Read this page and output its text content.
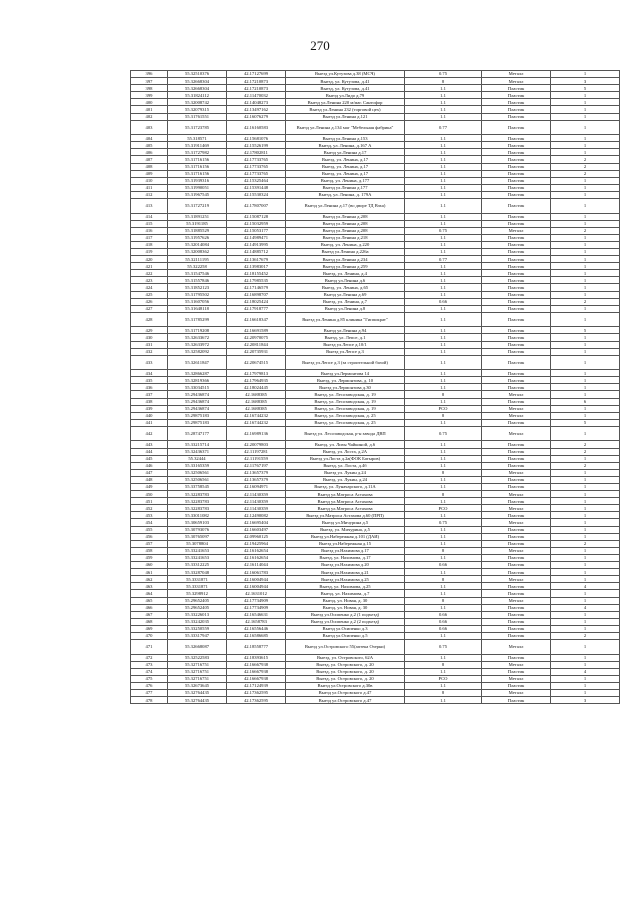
270
396	55.32510376	42.17127699	Выезд ул.Кутузова д.38 (МСЧ)	0.75	Металл	1
397	55.32668304	42.17210873	Выезд, ул. Кутузова, д.41	8	Металл	3
398	55.32668304	42.17210873	Выезд, ул. Кутузова, д.41	1.1	Пластик	5
399	55.31824112	42.11470032	Выезд ул.Лидо д.79	1.1	Пластик	1
400	55.32008742	42.14048273	Выезд ул.Ленина 220 м/маг. Сантофор	1.1	Пластик	1
401	55.32079315	42.13497162	Выезд ул.Ленина 232 (торговой цех)	1.1	Пластик	1
402	55.31761551	42.16076279	Выезд ул.Ленина д.121	1.1	Пластик	1
403	55.31723785	42.16160583	Выезд ул.Ленина д.134 маг "Мебельная фабрика"	0.77	Пластик	1
404	55.318571	42.15681076	Выезд ул.Ленина д.153	1.1	Пластик	1
405	55.31911469	42.15526199	Выезд, ул. Ленина, д.167 А	1.1	Пластик	1
406	55.31727982	42.17802811	Выезд ул.Ленина д.17	1.1	Пластик	1
407	55.31716156	42.17733765	Выезд, ул. Ленина, д.17	1.1	Пластик	2
408	55.31716156	42.17733765	Выезд, ул. Ленина, д.17	1.1	Пластик	2
409	55.31716156	42.17733765	Выезд, ул. Ленина, д.17	1.1	Пластик	2
410	55.31939316	42.15325464	Выезд, ул. Ленина, д.177	1.1	Пластик	1
411	55.31990051	42.15391448	Выезд ул.Ленина д.177	1.1	Пластик	1
412	55.31967545	42.15530324	Выезд, ул. Ленина, д. 179А	1.1	Пластик	1
413	55.31727219	42.17807007	Выезд ул.Ленина д.17 (во дворе ТД Вэха)	1.1	Пластик	1
414	55.31891251	42.15087128	Выезд ул.Ленина д.208	1.1	Пластик	1
415	55.3191185	42.15032959	Выезд ул.Ленина д.208	1.1	Пластик	1
416	55.31885529	42.15053177	Выезд ул.Ленина д.208	0.75	Металл	2
417	55.31957626	42.14989471	Выезд ул.Ленина д.218	1.1	Пластик	1
418	55.32014084	42.14913995	Выезд, ул. Ленина, д.220	1.1	Пластик	1
419	55.32008362	42.14885712	Выезд ул.Ленина д.226а	1.1	Пластик	1
420	55.32111195	42.13617679	Выезд ул.Ленина д.234	0.77	Пластик	1
421	55.322258	42.13983017	Выезд ул.Ленина д.259	1.1	Пластик	1
422	55.31547546	42.18155452	Выезд, ул. Ленина, д.4	1.1	Пластик	1
423	55.31557846	42.17985535	Выезд ул.Ленина д.6	1.1	Пластик	1
424	55.31852123	42.17146579	Выезд, ул. Ленина, д.65	1.1	Пластик	1
425	55.31795502	42.16898707	Выезд ул.Ленина д.69	1.1	Пластик	1
426	55.31607056	42.18025424	Выезд, ул. Ленина, д.7	0.66	Пластик	2
427	55.31648118	42.17918777	Выезд ул.Ленина д.8	1.1	Пластик	1
428	55.31785299	42.16618347	Выезд ул.Ленина д.85 клиника "Гиппократ"	1.1	Пластик	1
429	55.31719208	42.16691589	Выезд ул.Ленина д.94	1.1	Пластик	5
430	55.32633672	42.20970075	Выезд, ул. Лепсе, д.1	1.1	Пластик	1
431	55.32633972	42.20811844	Выезд ул.Лепсе д.10/1	1.1	Пластик	1
432	55.32582092	42.20735931	Выезд ул.Лепсе д.3	1.1	Пластик	1
433	55.32611847	42.20674515	Выезд ул.Лепсе д.3 (за строительной базой)	1.1	Пластик	1
434	55.32866287	42.17979813	Выезд ул.Лермонтова 14	1.1	Пластик	1
435	55.32819366	42.17964935	Выезд, ул. Лермонтова, д. 10	1.1	Пластик	1
436	55.33034515	42.18024445	Выезд ул.Лермонтова д.30	1.1	Пластик	1
437	55.29436874	42.1688385	Выезд, ул. Лесозаводская, д. 19	8	Металл	1
438	55.29436874	42.1688385	Выезд, ул. Лесозаводская, д. 19	1.1	Пластик	6
439	55.29436874	42.1688385	Выезд, ул. Лесозаводская, д. 19	РСО	Металл	1
440	55.29875183	42.16744232	Выезд, ул. Лесозаводская, д. 25	8	Металл	1
441	55.29875183	42.16744232	Выезд, ул. Лесозаводская, д. 25	1.1	Пластик	5
442	55.28747177	42.16989136	Выезд ул. Лесозаводская, р-н завода ДВП	0.75	Металл	1
443	55.33215714	42.20079803	Выезд, ул. Лизы Чайкиной, д.6	1.1	Пластик	2
444	55.32436371	42.11197281	Выезд, ул. Лоста, д.2А	1.1	Пластик	2
445	55.32444	42.11191559	Выезд ул.Лоста д.2а(ФОК Батыров)	1.1	Пластик	1
446	55.33165359	42.11767197	Выезд, ул. Лоста, д.4б	1.1	Пластик	2
447	55.32506561	42.13657379	Выезд ул. Лукин д.24	8	Металл	1
448	55.32506561	42.13657379	Выезд, ул. Лукин, д.24	1.1	Пластик	1
449	55.33758545	42.16094971	Выезд, ул. Луначарского, д.11А	1.1	Пластик	1
450	55.32283783	42.11430359	Выезд ул.Матроса Астахова	8	Металл	1
451	55.32283783	42.11430359	Выезд ул.Матроса Астахова	1.1	Пластик	1
452	55.32283783	42.11430359	Выезд ул.Матроса Астахова	РСО	Металл	1
453	55.33011082	42.12490082	Выезд ул.Матроса Астахова д.60 (ПРП)	1.1	Пластик	1
454	55.30659103	42.16695404	Выезд ул.Мичурина д.5	0.75	Металл	1
455	55.30793076	42.16603497	Выезд, ул. Мичурина, д.5	1.1	Пластик	1
456	55.30765097	42.09960125	Выезд ул.Набережная д.101 (ДАИ)	1.1	Пластик	1
457	55.3078804	42.19425964	Выезд ул.Набережная д.15	1.1	Пластик	2
458	55.33241653	42.16162654	Выезд ул.Нахимова д.17	8	Металл	1
459	55.33241653	42.16162654	Выезд, ул. Нахимова, д.17	1.1	Пластик	1
460	55.33312225	42.16114044	Выезд ул.Нахимова д.20	0.66	Пластик	1
461	55.33287048	42.16061783	Выезд ул.Нахимова д.21	1.1	Пластик	1
462	55.3331871	42.16004944	Выезд ул.Нахимова д.25	8	Металл	1
463	55.3331871	42.16004944	Выезд, ул. Нахимова, д.25	1.1	Пластик	4
464	55.3298912	42.1631012	Выезд, ул. Нахимова, д.7	1.1	Пластик	1
465	55.29652405	42.17734909	Выезд, ул. Новая, д. 30	8	Металл	1
466	55.29652405	42.17734909	Выезд, ул. Новая, д. 30	1.1	Пластик	4
467	55.33226013	42.16546631	Выезд ул.Осипенко д.2 (1 подъезд)	0.66	Пластик	1
468	55.33242035	42.1658783	Выезд ул.Осипенко д.2 (2 подъезд)	0.66	Пластик	1
469	55.33250559	42.16556446	Выезд ул.Осипенко д.3	0.66	Пластик	1
470	55.33317947	42.16586685	Выезд ул.Осипенко д.5	1.1	Пластик	2
471	55.32668087	42.18558777	Выезд ул.Островского 55(аптека Озерки)	0.75	Металл	1
472	55.32522583	42.18393615	Выезд, ул. Островского, 62А	1.1	Пластик	1
473	55.32716751	42.16667938	Выезд, ул. Островского, д. 20	8	Металл	1
474	55.32716751	42.16667938	Выезд, ул. Островского, д. 20	1.1	Пластик	4
475	55.32716751	42.16667938	Выезд, ул. Островского, д. 20	РСО	Металл	1
476	55.32673645	42.17124939	Выезд ул.Островского д.30в	1.1	Пластик	1
477	55.32764435	42.17362595	Выезд ул.Островского д.47	8	Металл	1
478	55.32764435	42.17362595	Выезд ул.Островского д.47	1.1	Пластик	3
